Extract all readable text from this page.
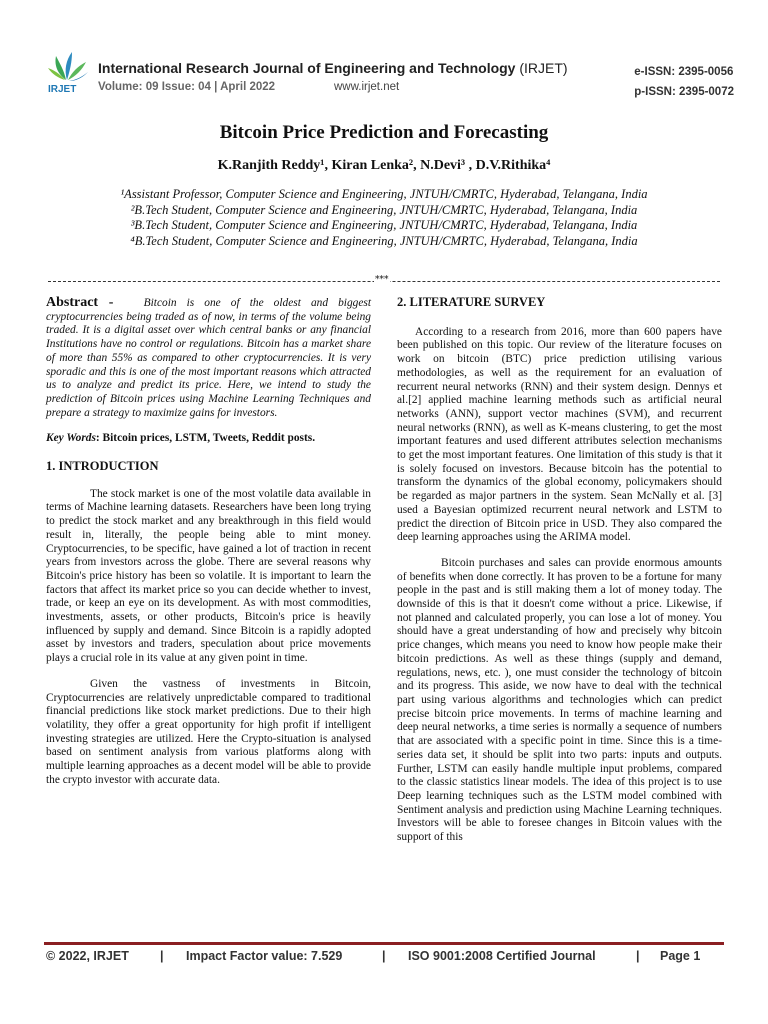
IRJET
International Research Journal of Engineering and Technology (IRJET)
Volume: 09 Issue: 04 | April 2022	www.irjet.net
e-ISSN: 2395-0056
p-ISSN: 2395-0072
Bitcoin Price Prediction and Forecasting
K.Ranjith Reddy¹, Kiran Lenka², N.Devi³ , D.V.Rithika⁴
¹Assistant Professor, Computer Science and Engineering, JNTUH/CMRTC, Hyderabad, Telangana, India
²B.Tech Student, Computer Science and Engineering, JNTUH/CMRTC, Hyderabad, Telangana, India
³B.Tech Student, Computer Science and Engineering, JNTUH/CMRTC, Hyderabad, Telangana, India
⁴B.Tech Student, Computer Science and Engineering, JNTUH/CMRTC, Hyderabad, Telangana, India
***
Abstract -	Bitcoin is one of the oldest and biggest cryptocurrencies being traded as of now, in terms of the volume being traded. It is a digital asset over which central banks or any financial Institutions have no control or regulations. Bitcoin has a market share of more than 55% as compared to other cryptocurrencies. It is very sporadic and this is one of the most important reasons which attracted us to analyze and predict its price. Here, we intend to study the prediction of Bitcoin prices using Machine Learning Techniques and prepare a strategy to maximize gains for investors.
Key Words: Bitcoin prices, LSTM, Tweets, Reddit posts.
1. INTRODUCTION

The stock market is one of the most volatile data available in terms of Machine learning datasets. Researchers have been long trying to predict the stock market and any breakthrough in this field would result in, literally, the people being able to mint money. Cryptocurrencies, to be specific, have gained a lot of traction in recent years from investors across the globe. There are several reasons why Bitcoin's price history has been so volatile. It is important to learn the factors that affect its market price so you can decide whether to invest, trade, or keep an eye on its development. As with most commodities, investments, assets, or other products, Bitcoin's price is heavily influenced by supply and demand. Since Bitcoin is a rapidly adopted asset by investors and traders, speculation about price movements plays a crucial role in its value at any given point in time.

Given the vastness of investments in Bitcoin, Cryptocurrencies are relatively unpredictable compared to traditional financial predictions like stock market predictions. Due to their high volatility, they offer a great opportunity for high profit if intelligent investing strategies are utilized. Here the Crypto-situation is analysed based on sentiment analysis from various platforms along with multiple learning approaches as a decent model will be able to provide the crypto investor with accurate data.

2. LITERATURE SURVEY

According to a research from 2016, more than 600 papers have been published on this topic. Our review of the literature focuses on work on bitcoin (BTC) price prediction utilising various methodologies, as well as the requirement for an evaluation of recurrent neural networks (RNN) and their system design. Dennys et al.[2] applied machine learning methods such as artificial neural networks (ANN), support vector machines (SVM), and recurrent neural networks (RNN), as well as K-means clustering, to get the most important features and used different attributes selection mechanisms to get the most important features. One limitation of this study is that it is solely focused on investors. Because bitcoin has the potential to transform the dynamics of the global economy, policymakers should be regarded as major partners in the system. Sean McNally et al. [3] used a Bayesian optimized recurrent neural network and LSTM to predict the direction of Bitcoin price in USD. They also compared the deep learning approaches using the ARIMA model.

Bitcoin purchases and sales can provide enormous amounts of benefits when done correctly. It has proven to be a fortune for many people in the past and is still making them a lot of money today. The downside of this is that it doesn't come without a price. Likewise, if not planned and calculated properly, you can lose a lot of money. You should have a great understanding of how and precisely why bitcoin price changes, which means you need to know how people make their bitcoin predictions. As well as these things (supply and demand, regulations, news, etc. ), one must consider the technology of bitcoin and its progress. This aside, we now have to deal with the technical part using various algorithms and technologies which can predict precise bitcoin price movements. In terms of machine learning and deep neural networks, a time series is normally a sequence of numbers that are associated with a specific point in time. Since this is a time-series data set, it should be split into two parts: inputs and outputs. Further, LSTM can easily handle multiple input problems, compared to the classic statistics linear models. The idea of this project is to use Deep learning techniques such as the LSTM model combined with Sentiment analysis and prediction using Machine Learning techniques. Investors will be able to foresee changes in Bitcoin values with the support of this

© 2022, IRJET | Impact Factor value: 7.529	| ISO 9001:2008 Certified Journal	| Page 1
